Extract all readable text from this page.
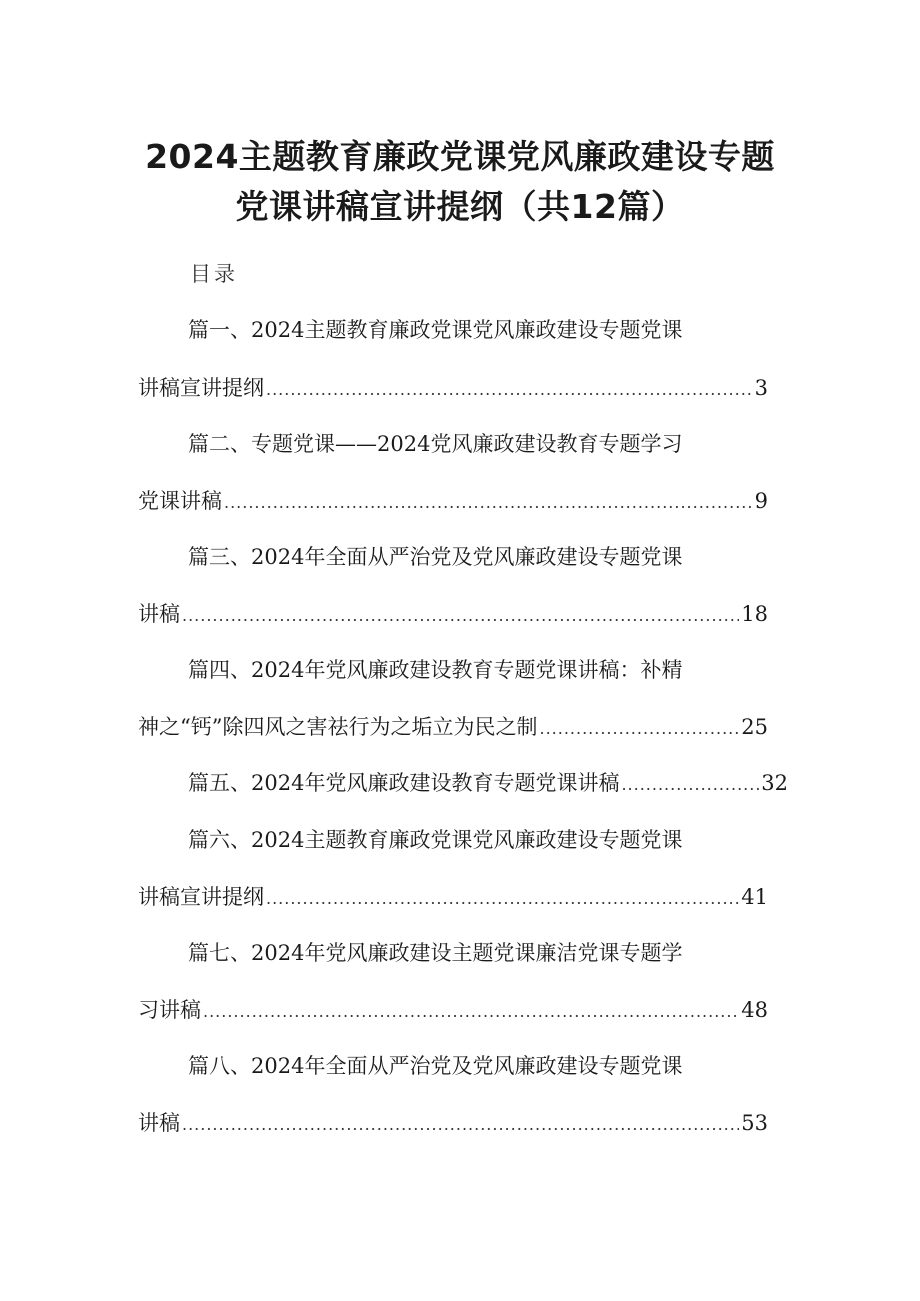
2024主题教育廉政党课党风廉政建设专题
党课讲稿宣讲提纲（共12篇）
目录
篇一、2024主题教育廉政党课党风廉政建设专题党课
讲稿宣讲提纲 .....	3
篇二、专题党课——2024党风廉政建设教育专题学习
党课讲稿 .....	9
篇三、2024年全面从严治党及党风廉政建设专题党课
讲稿 .....	18
篇四、2024年党风廉政建设教育专题党课讲稿：补精
神之“钙”除四风之害祛行为之垢立为民之制 .....	25
篇五、2024年党风廉政建设教育专题党课讲稿 .....	32
篇六、2024主题教育廉政党课党风廉政建设专题党课
讲稿宣讲提纲 .....	41
篇七、2024年党风廉政建设主题党课廉洁党课专题学
习讲稿 .....	48
篇八、2024年全面从严治党及党风廉政建设专题党课
讲稿 .....	53
